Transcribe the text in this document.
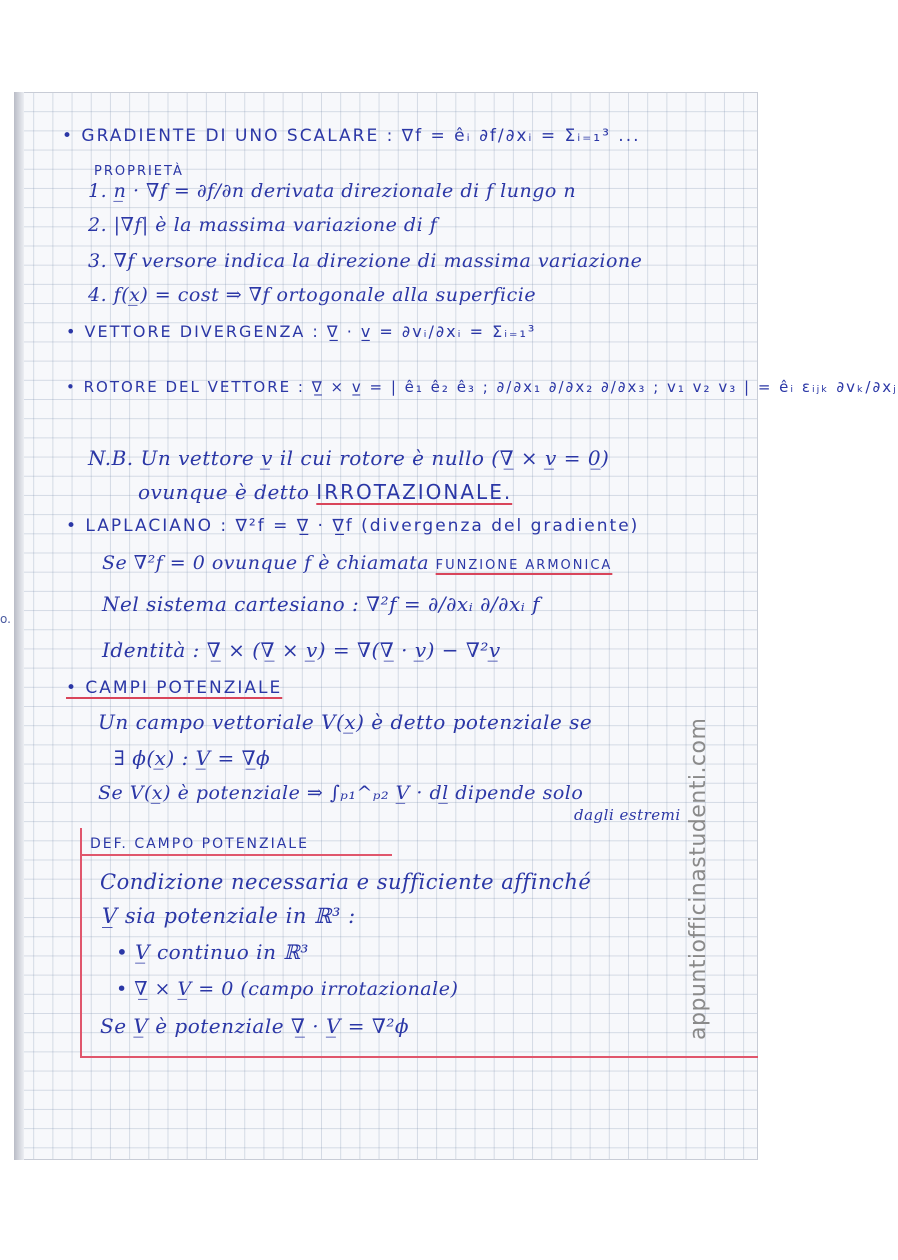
o.
• GRADIENTE DI UNO SCALARE : ∇f = êᵢ ∂f/∂xᵢ = Σᵢ₌₁³ ...
PROPRIETÀ
1. n̲ · ∇f = ∂f/∂n derivata direzionale di f lungo n
2. |∇f| è la massima variazione di f
3. ∇f versore indica la direzione di massima variazione
4. f(x̲) = cost ⇒ ∇f ortogonale alla superficie
• VETTORE DIVERGENZA : ∇̲ · v̲ = ∂vᵢ/∂xᵢ = Σᵢ₌₁³
• ROTORE DEL VETTORE : ∇̲ × v̲ = | ê₁ ê₂ ê₃ ; ∂/∂x₁ ∂/∂x₂ ∂/∂x₃ ; v₁ v₂ v₃ | = êᵢ εᵢⱼₖ ∂vₖ/∂xⱼ
N.B. Un vettore v̲ il cui rotore è nullo (∇̲ × v̲ = 0̲)
ovunque è detto IRROTAZIONALE.
• LAPLACIANO : ∇²f = ∇̲ · ∇̲f (divergenza del gradiente)
Se ∇²f = 0 ovunque f è chiamata FUNZIONE ARMONICA
Nel sistema cartesiano : ∇²f = ∂/∂xᵢ ∂/∂xᵢ f
Identità : ∇̲ × (∇̲ × v̲) = ∇(∇̲ · v̲) − ∇²v̲
• CAMPI POTENZIALE
Un campo vettoriale V(x̲) è detto potenziale se
∃ ϕ(x̲) : V̲ = ∇̲ϕ
Se V(x̲) è potenziale ⇒ ∫ₚ₁^ₚ₂ V̲ · dl̲ dipende solo
dagli estremi
DEF. CAMPO POTENZIALE
Condizione necessaria e sufficiente affinché
V̲ sia potenziale in ℝ³ :
• V̲ continuo in ℝ³
• ∇̲ × V̲ = 0 (campo irrotazionale)
Se V̲ è potenziale ∇̲ · V̲ = ∇²ϕ	appuntiofficinastudenti.com
